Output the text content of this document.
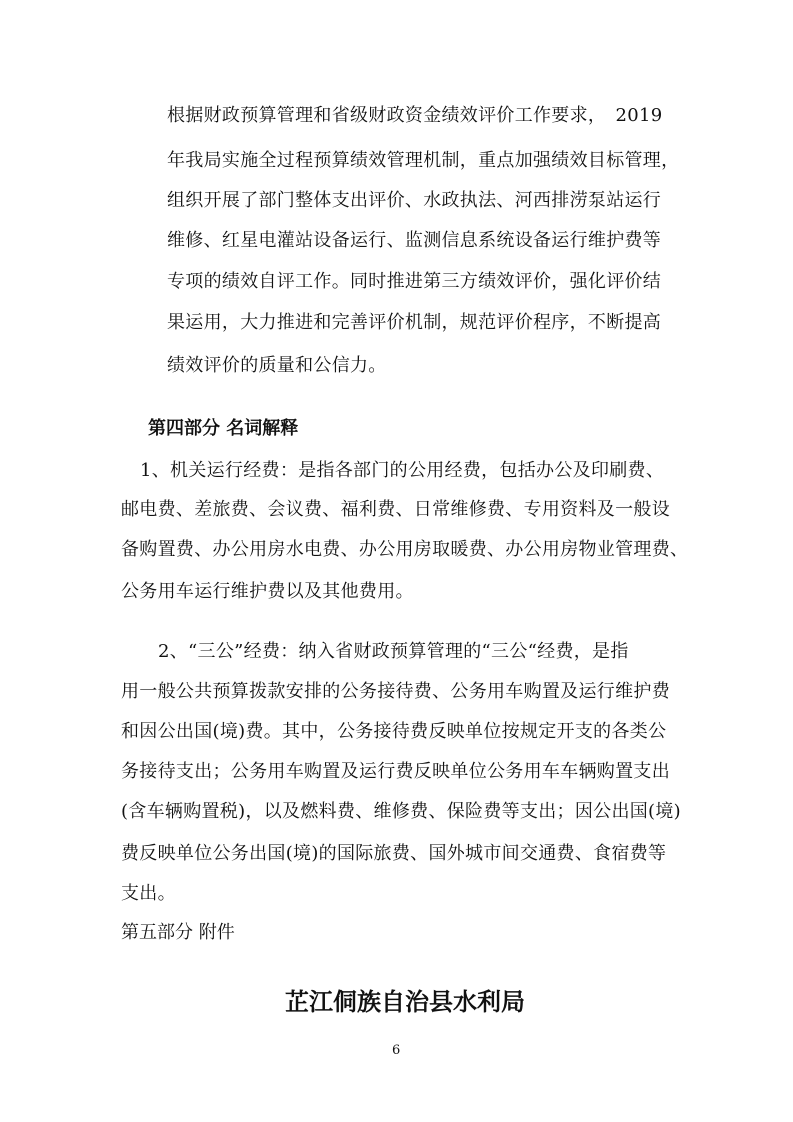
根据财政预算管理和省级财政资金绩效评价工作要求，　2019
年我局实施全过程预算绩效管理机制，重点加强绩效目标管理，
组织开展了部门整体支出评价、水政执法、河西排涝泵站运行
维修、红星电灌站设备运行、监测信息系统设备运行维护费等
专项的绩效自评工作。同时推进第三方绩效评价，强化评价结
果运用，大力推进和完善评价机制，规范评价程序，不断提高
绩效评价的质量和公信力。
第四部分 名词解释
1、机关运行经费：是指各部门的公用经费，包括办公及印刷费、
邮电费、差旅费、会议费、福利费、日常维修费、专用资料及一般设
备购置费、办公用房水电费、办公用房取暖费、办公用房物业管理费、
公务用车运行维护费以及其他费用。
2、“三公”经费：纳入省财政预算管理的“三公“经费，是指
用一般公共预算拨款安排的公务接待费、公务用车购置及运行维护费
和因公出国(境)费。其中，公务接待费反映单位按规定开支的各类公
务接待支出；公务用车购置及运行费反映单位公务用车车辆购置支出
(含车辆购置税)，以及燃料费、维修费、保险费等支出；因公出国(境)
费反映单位公务出国(境)的国际旅费、国外城市间交通费、食宿费等
支出。
第五部分 附件
芷江侗族自治县水利局
6
